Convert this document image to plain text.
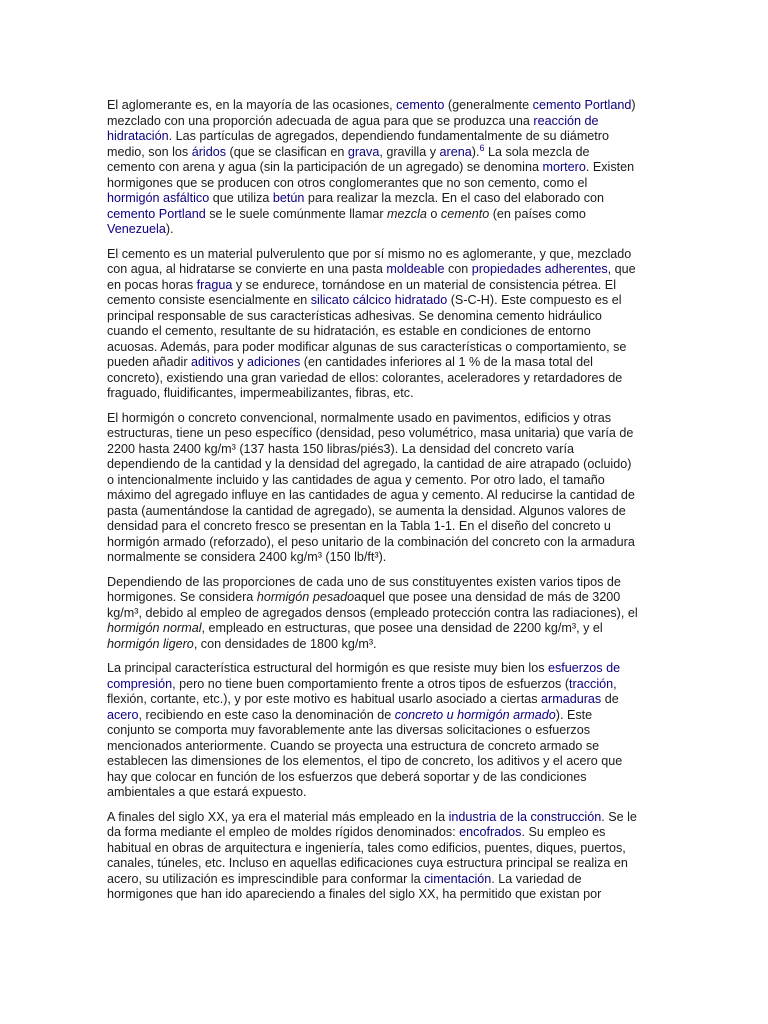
El aglomerante es, en la mayoría de las ocasiones, cemento (generalmente cemento Portland) mezclado con una proporción adecuada de agua para que se produzca una reacción de hidratación. Las partículas de agregados, dependiendo fundamentalmente de su diámetro medio, son los áridos (que se clasifican en grava, gravilla y arena).$^6$ La sola mezcla de cemento con arena y agua (sin la participación de un agregado) se denomina mortero. Existen hormigones que se producen con otros conglomerantes que no son cemento, como el hormigón asfáltico que utiliza betún para realizar la mezcla. En el caso del elaborado con cemento Portland se le suele comúnmente llamar mezcla o cemento (en países como Venezuela).

El cemento es un material pulverulento que por sí mismo no es aglomerante, y que, mezclado con agua, al hidratarse se convierte en una pasta moldeable con propiedades adherentes, que en pocas horas fragua y se endurece, tornándose en un material de consistencia pétrea. El cemento consiste esencialmente en silicato cálcico hidratado (S-C-H). Este compuesto es el principal responsable de sus características adhesivas. Se denomina cemento hidráulico cuando el cemento, resultante de su hidratación, es estable en condiciones de entorno acuosas. Además, para poder modificar algunas de sus características o comportamiento, se pueden añadir aditivos y adiciones (en cantidades inferiores al 1 % de la masa total del concreto), existiendo una gran variedad de ellos: colorantes, aceleradores y retardadores de fraguado, fluidificantes, impermeabilizantes, fibras, etc.

El hormigón o concreto convencional, normalmente usado en pavimentos, edificios y otras estructuras, tiene un peso específico (densidad, peso volumétrico, masa unitaria) que varía de 2200 hasta 2400 kg/m³ (137 hasta 150 libras/piés3). La densidad del concreto varía dependiendo de la cantidad y la densidad del agregado, la cantidad de aire atrapado (ocluido) o intencionalmente incluido y las cantidades de agua y cemento. Por otro lado, el tamaño máximo del agregado influye en las cantidades de agua y cemento. Al reducirse la cantidad de pasta (aumentándose la cantidad de agregado), se aumenta la densidad. Algunos valores de densidad para el concreto fresco se presentan en la Tabla 1-1. En el diseño del concreto u hormigón armado (reforzado), el peso unitario de la combinación del concreto con la armadura normalmente se considera 2400 kg/m³ (150 lb/ft³).

Dependiendo de las proporciones de cada uno de sus constituyentes existen varios tipos de hormigones. Se considera hormigón pesadoaquel que posee una densidad de más de 3200 kg/m³, debido al empleo de agregados densos (empleado protección contra las radiaciones), el hormigón normal, empleado en estructuras, que posee una densidad de 2200 kg/m³, y el hormigón ligero, con densidades de 1800 kg/m³.

La principal característica estructural del hormigón es que resiste muy bien los esfuerzos de compresión, pero no tiene buen comportamiento frente a otros tipos de esfuerzos (tracción, flexión, cortante, etc.), y por este motivo es habitual usarlo asociado a ciertas armaduras de acero, recibiendo en este caso la denominación de concreto u hormigón armado). Este conjunto se comporta muy favorablemente ante las diversas solicitaciones o esfuerzos mencionados anteriormente. Cuando se proyecta una estructura de concreto armado se establecen las dimensiones de los elementos, el tipo de concreto, los aditivos y el acero que hay que colocar en función de los esfuerzos que deberá soportar y de las condiciones ambientales a que estará expuesto.

A finales del siglo XX, ya era el material más empleado en la industria de la construcción. Se le da forma mediante el empleo de moldes rígidos denominados: encofrados. Su empleo es habitual en obras de arquitectura e ingeniería, tales como edificios, puentes, diques, puertos, canales, túneles, etc. Incluso en aquellas edificaciones cuya estructura principal se realiza en acero, su utilización es imprescindible para conformar la cimentación. La variedad de hormigones que han ido apareciendo a finales del siglo XX, ha permitido que existan por
